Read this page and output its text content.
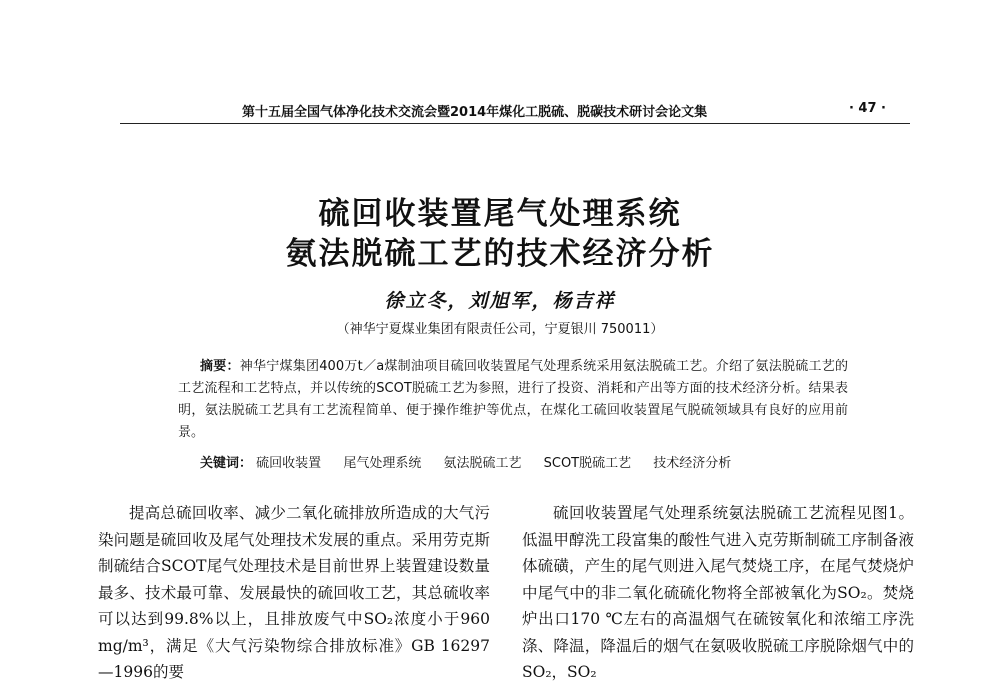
第十五届全国气体净化技术交流会暨2014年煤化工脱硫、脱碳技术研讨会论文集	· 47 ·
硫回收装置尾气处理系统
氨法脱硫工艺的技术经济分析
徐立冬，刘旭军，杨吉祥
（神华宁夏煤业集团有限责任公司，宁夏银川 750011）
摘要：神华宁煤集团400万t／a煤制油项目硫回收装置尾气处理系统采用氨法脱硫工艺。介绍了氨法脱硫工艺的工艺流程和工艺特点，并以传统的SCOT脱硫工艺为参照，进行了投资、消耗和产出等方面的技术经济分析。结果表明，氨法脱硫工艺具有工艺流程简单、便于操作维护等优点，在煤化工硫回收装置尾气脱硫领域具有良好的应用前景。
关键词： 硫回收装置 尾气处理系统 氨法脱硫工艺 SCOT脱硫工艺 技术经济分析

提高总硫回收率、减少二氧化硫排放所造成的大气污染问题是硫回收及尾气处理技术发展的重点。采用劳克斯制硫结合SCOT尾气处理技术是目前世界上装置建设数量最多、技术最可靠、发展最快的硫回收工艺，其总硫收率可以达到99.8%以上，且排放废气中SO₂浓度小于960 mg/m³，满足《大气污染物综合排放标准》GB 16297—1996的要

硫回收装置尾气处理系统氨法脱硫工艺流程见图1。低温甲醇洗工段富集的酸性气进入克劳斯制硫工序制备液体硫磺，产生的尾气则进入尾气焚烧工序，在尾气焚烧炉中尾气中的非二氧化硫硫化物将全部被氧化为SO₂。焚烧炉出口170 ℃左右的高温烟气在硫铵氧化和浓缩工序洗涤、降温，降温后的烟气在氨吸收脱硫工序脱除烟气中的SO₂，SO₂
